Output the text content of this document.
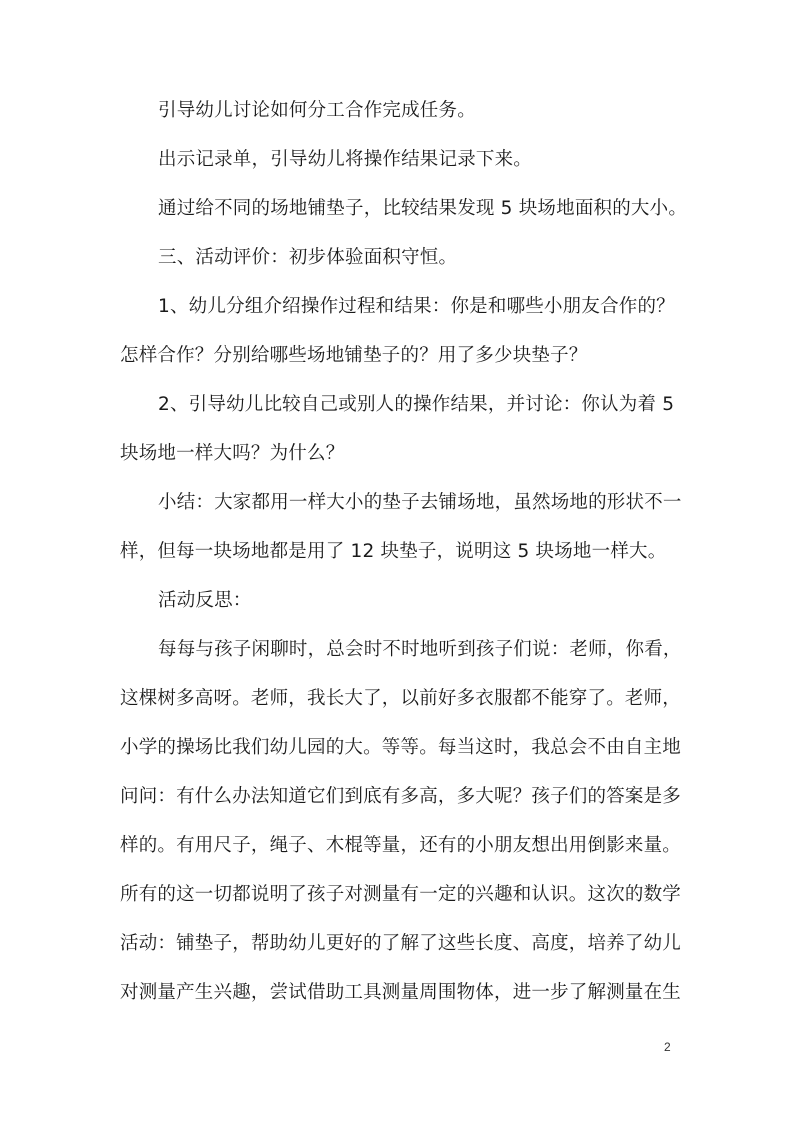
引导幼儿讨论如何分工合作完成任务。
出示记录单，引导幼儿将操作结果记录下来。
通过给不同的场地铺垫子，比较结果发现 5 块场地面积的大小。
三、活动评价：初步体验面积守恒。
1、幼儿分组介绍操作过程和结果：你是和哪些小朋友合作的？
怎样合作？分别给哪些场地铺垫子的？用了多少块垫子？
2、引导幼儿比较自己或别人的操作结果，并讨论：你认为着 5
块场地一样大吗？为什么？
小结：大家都用一样大小的垫子去铺场地，虽然场地的形状不一
样，但每一块场地都是用了 12 块垫子，说明这 5 块场地一样大。
活动反思：
每每与孩子闲聊时，总会时不时地听到孩子们说：老师，你看，
这棵树多高呀。老师，我长大了，以前好多衣服都不能穿了。老师，
小学的操场比我们幼儿园的大。等等。每当这时，我总会不由自主地
问问：有什么办法知道它们到底有多高，多大呢？孩子们的答案是多
样的。有用尺子，绳子、木棍等量，还有的小朋友想出用倒影来量。
所有的这一切都说明了孩子对测量有一定的兴趣和认识。这次的数学
活动：铺垫子，帮助幼儿更好的了解了这些长度、高度，培养了幼儿
对测量产生兴趣，尝试借助工具测量周围物体，进一步了解测量在生
2
